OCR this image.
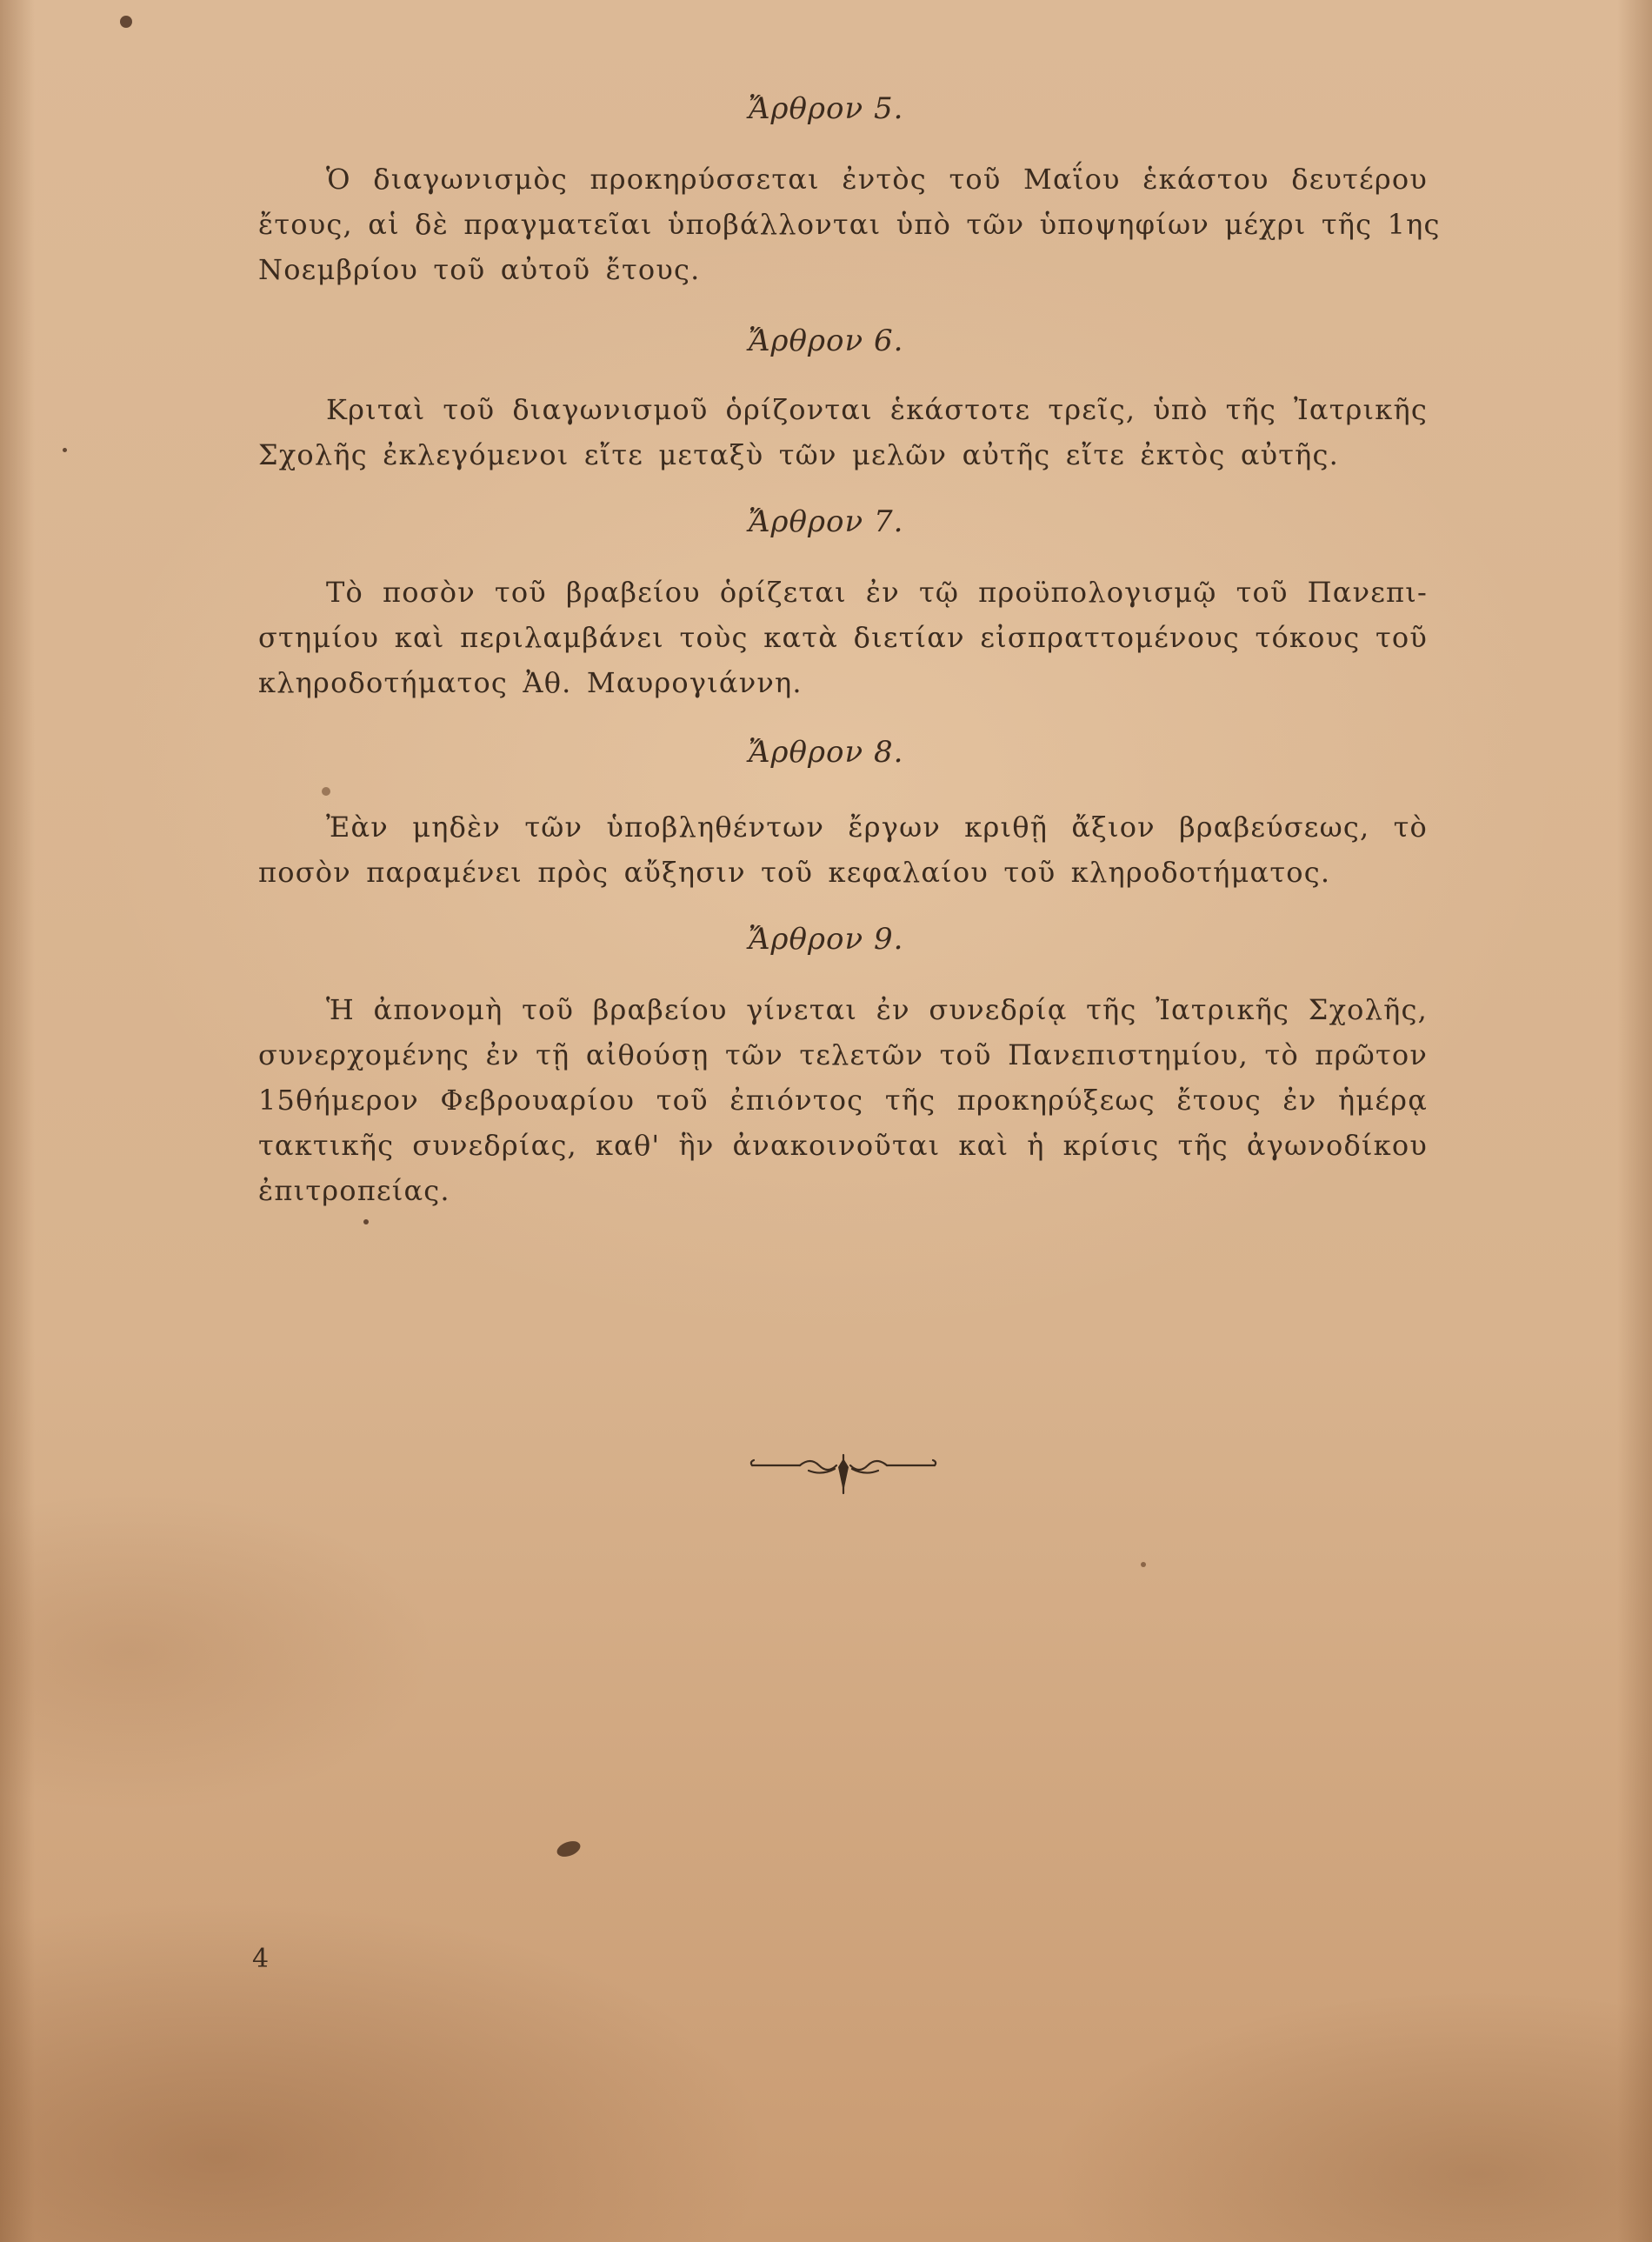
Ἄρθρον 5.
Ὁ διαγωνισμὸς προκηρύσσεται ἐντὸς τοῦ Μαΐου ἑκάστου δευτέρου
ἔτους, αἱ δὲ πραγματεῖαι ὑποβάλλονται ὑπὸ τῶν ὑποψηφίων μέχρι τῆς 1ης
Νοεμβρίου τοῦ αὐτοῦ ἔτους.
Ἄρθρον 6.
Κριταὶ τοῦ διαγωνισμοῦ ὁρίζονται ἑκάστοτε τρεῖς, ὑπὸ τῆς Ἰατρικῆς
Σχολῆς ἐκλεγόμενοι εἴτε μεταξὺ τῶν μελῶν αὐτῆς εἴτε ἐκτὸς αὐτῆς.
Ἄρθρον 7.
Τὸ ποσὸν τοῦ βραβείου ὁρίζεται ἐν τῷ προϋπολογισμῷ τοῦ Πανεπι-
στημίου καὶ περιλαμβάνει τοὺς κατὰ διετίαν εἰσπραττομένους τόκους τοῦ
κληροδοτήματος Ἀθ. Μαυρογιάννη.
Ἄρθρον 8.
Ἐὰν μηδὲν τῶν ὑποβληθέντων ἔργων κριθῇ ἄξιον βραβεύσεως, τὸ
ποσὸν παραμένει πρὸς αὔξησιν τοῦ κεφαλαίου τοῦ κληροδοτήματος.
Ἄρθρον 9.
Ἡ ἀπονομὴ τοῦ βραβείου γίνεται ἐν συνεδρίᾳ τῆς Ἰατρικῆς Σχολῆς,
συνερχομένης ἐν τῇ αἰθούσῃ τῶν τελετῶν τοῦ Πανεπιστημίου, τὸ πρῶτον
15θήμερον Φεβρουαρίου τοῦ ἐπιόντος τῆς προκηρύξεως ἔτους ἐν ἡμέρᾳ
τακτικῆς συνεδρίας, καθ' ἣν ἀνακοινοῦται καὶ ἡ κρίσις τῆς ἀγωνοδίκου
ἐπιτροπείας.
4
